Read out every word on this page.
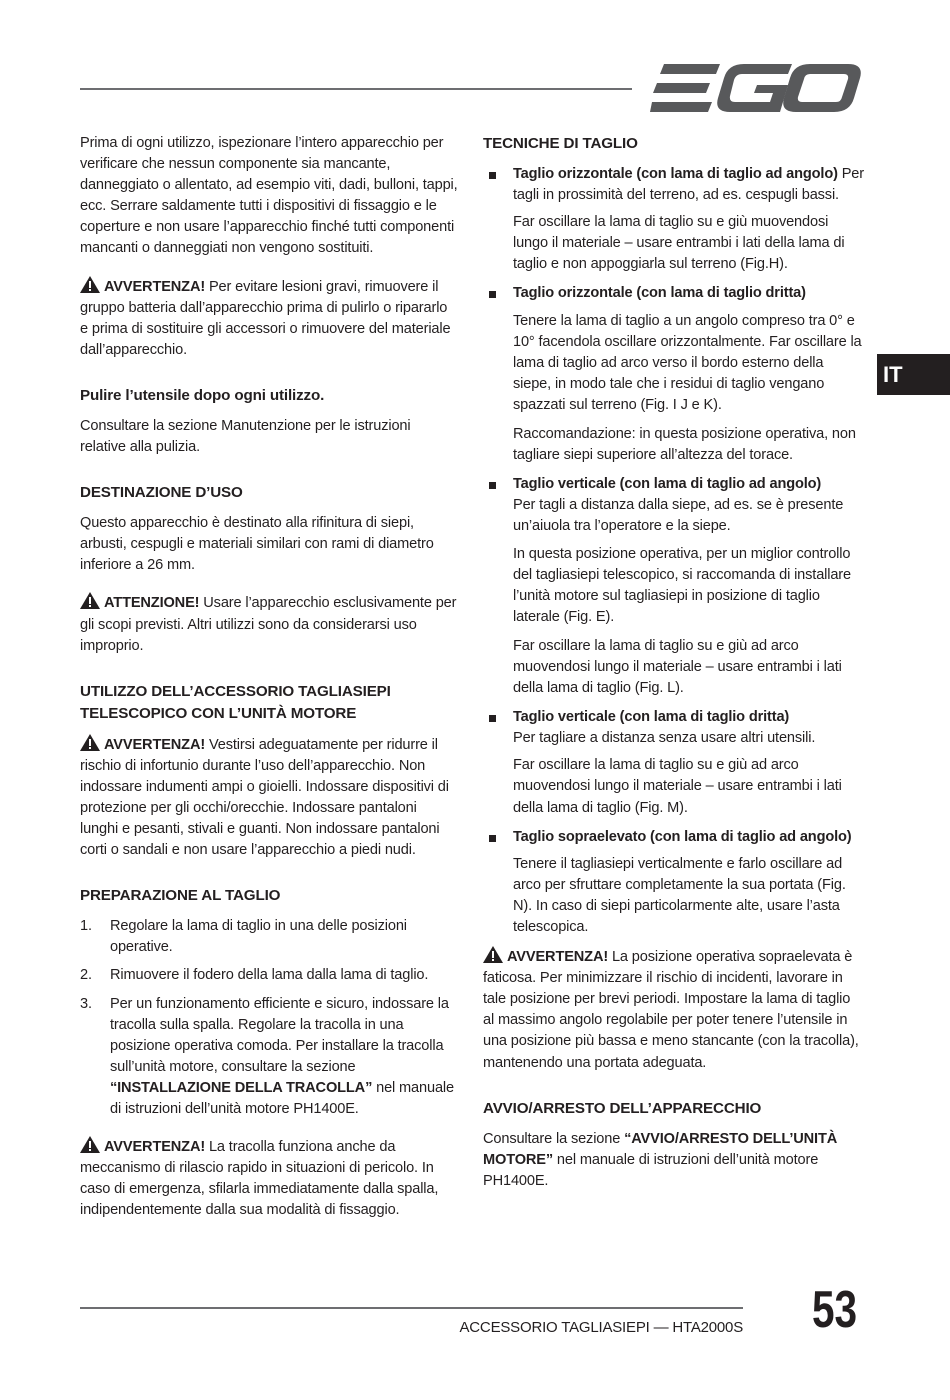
IT

Prima di ogni utilizzo, ispezionare l’intero apparecchio per verificare che nessun componente sia mancante, danneggiato o allentato, ad esempio viti, dadi, bulloni, tappi, ecc. Serrare saldamente tutti i dispositivi di fissaggio e le coperture e non usare l’apparecchio finché tutti componenti mancanti o danneggiati non vengono sostituiti.

AVVERTENZA! Per evitare lesioni gravi, rimuovere il gruppo batteria dall’apparecchio prima di pulirlo o ripararlo e prima di sostituire gli accessori o rimuovere del materiale dall’apparecchio.

Pulire l’utensile dopo ogni utilizzo.

Consultare la sezione Manutenzione per le istruzioni relative alla pulizia.

DESTINAZIONE D’USO

Questo apparecchio è destinato alla rifinitura di siepi, arbusti, cespugli e materiali similari con rami di diametro inferiore a 26 mm.

ATTENZIONE! Usare l’apparecchio esclusivamente per gli scopi previsti. Altri utilizzi sono da considerarsi uso improprio.

UTILIZZO DELL’ACCESSORIO TAGLIASIEPI TELESCOPICO CON L’UNITÀ MOTORE

AVVERTENZA! Vestirsi adeguatamente per ridurre il rischio di infortunio durante l’uso dell’apparecchio. Non indossare indumenti ampi o gioielli. Indossare dispositivi di protezione per gli occhi/orecchie. Indossare pantaloni lunghi e pesanti, stivali e guanti. Non indossare pantaloni corti o sandali e non usare l’apparecchio a piedi nudi.

PREPARAZIONE AL TAGLIO
1. Regolare la lama di taglio in una delle posizioni operative.
2. Rimuovere il fodero della lama dalla lama di taglio.
3. Per un funzionamento efficiente e sicuro, indossare la tracolla sulla spalla. Regolare la tracolla in una posizione operativa comoda. Per installare la tracolla sull’unità motore, consultare la sezione “INSTALLAZIONE DELLA TRACOLLA” nel manuale di istruzioni dell’unità motore PH1400E.

AVVERTENZA! La tracolla funziona anche da meccanismo di rilascio rapido in situazioni di pericolo. In caso di emergenza, sfilarla immediatamente dalla spalla, indipendentemente dalla sua modalità di fissaggio.

TECNICHE DI TAGLIO
Taglio orizzontale (con lama di taglio ad angolo) Per tagli in prossimità del terreno, ad es. cespugli bassi.

Far oscillare la lama di taglio su e giù muovendosi lungo il materiale – usare entrambi i lati della lama di taglio e non appoggiarla sul terreno (Fig.H).

Taglio orizzontale (con lama di taglio dritta)

Tenere la lama di taglio a un angolo compreso tra 0° e 10° facendola oscillare orizzontalmente. Far oscillare la lama di taglio ad arco verso il bordo esterno della siepe, in modo tale che i residui di taglio vengano spazzati sul terreno (Fig. I J e K).

Raccomandazione: in questa posizione operativa, non tagliare siepi superiore all’altezza del torace.

Taglio verticale (con lama di taglio ad angolo)
Per tagli a distanza dalla siepe, ad es. se è presente un’aiuola tra l’operatore e la siepe.

In questa posizione operativa, per un miglior controllo del tagliasiepi telescopico, si raccomanda di installare l’unità motore sul tagliasiepi in posizione di taglio laterale (Fig. E).

Far oscillare la lama di taglio su e giù ad arco muovendosi lungo il materiale – usare entrambi i lati della lama di taglio (Fig. L).

Taglio verticale (con lama di taglio dritta)
Per tagliare a distanza senza usare altri utensili.

Far oscillare la lama di taglio su e giù ad arco muovendosi lungo il materiale – usare entrambi i lati della lama di taglio (Fig. M).

Taglio sopraelevato (con lama di taglio ad angolo)

Tenere il tagliasiepi verticalmente e farlo oscillare ad arco per sfruttare completamente la sua portata (Fig. N). In caso di siepi particolarmente alte, usare l’asta telescopica.

AVVERTENZA! La posizione operativa sopraelevata è faticosa. Per minimizzare il rischio di incidenti, lavorare in tale posizione per brevi periodi. Impostare la lama di taglio al massimo angolo regolabile per poter tenere l’utensile in una posizione più bassa e meno stancante (con la tracolla), mantenendo una portata adeguata.

AVVIO/ARRESTO DELL’APPARECCHIO

Consultare la sezione “AVVIO/ARRESTO DELL’UNITÀ MOTORE” nel manuale di istruzioni dell’unità motore PH1400E.

ACCESSORIO TAGLIASIEPI — HTA2000S 53
